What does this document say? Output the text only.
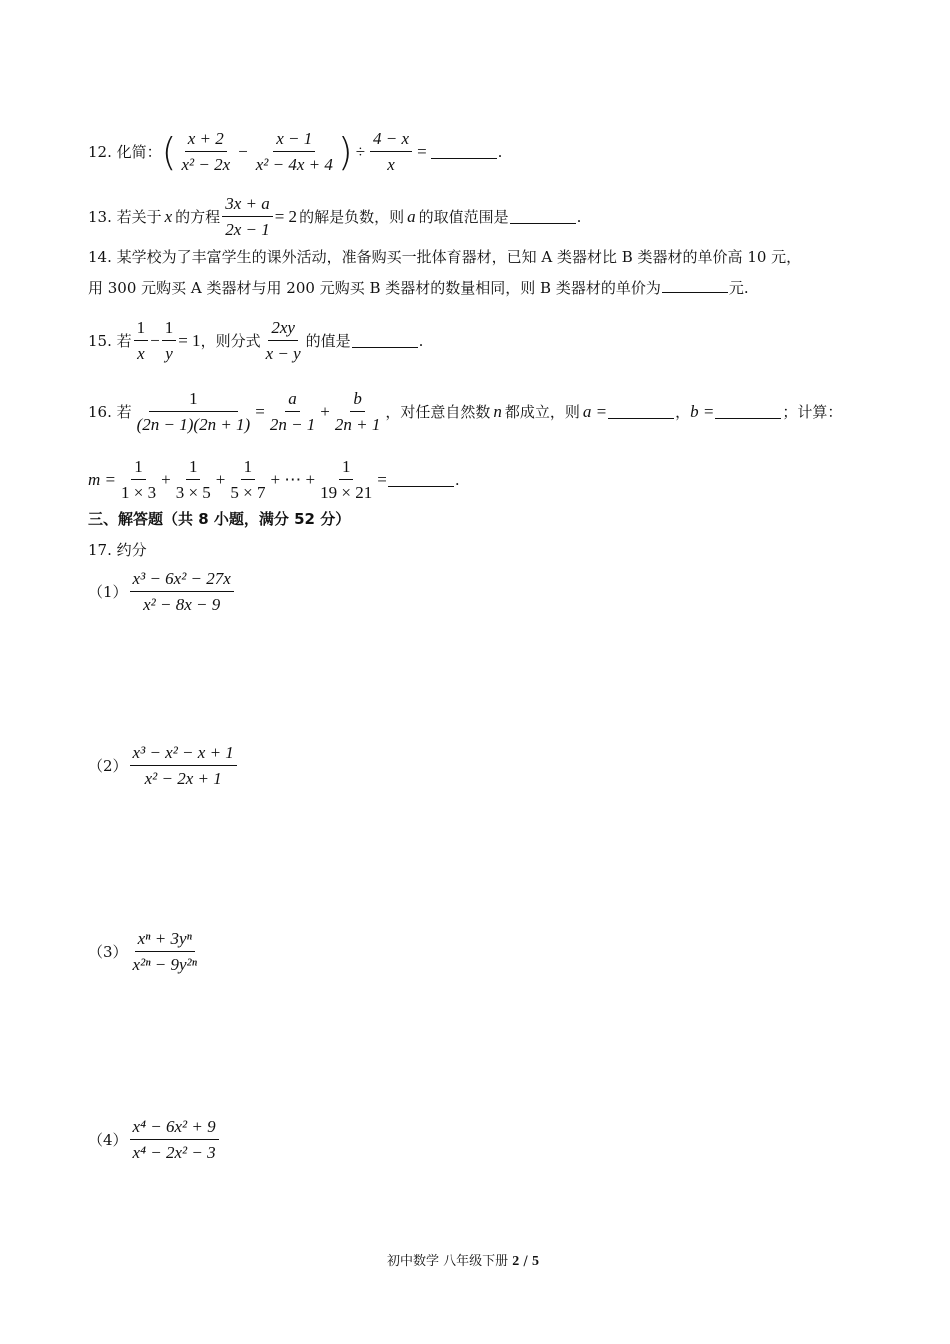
12. 化简： ( $\frac{x + 2}{\text{x² − 2x}} - \frac{x - 1}{\text{x² − 4x + 4}}$ ) ÷ $\frac{4 - x}{x}$ =	.
13. 若关于 x 的方程 $\frac{3x + a}{2x - 1} = 2$ 的解是负数，则 a 的取值范围是	.
14. 某学校为了丰富学生的课外活动，准备购买一批体育器材，已知 A 类器材比 B 类器材的单价高 10 元，
用 300 元购买 A 类器材与用 200 元购买 B 类器材的数量相同，则 B 类器材的单价为	元.
15. 若 $\frac{1}{x} - \frac{1}{y} = 1$ ，则分式 $\frac{2xy}{x - y}$ 的值是	.
16. 若 $\frac{1}{(2n - 1)(2n + 1)} = \frac{a}{2n - 1} + \frac{b}{2n + 1}$ ，对任意自然数 n 都成立，则 a =	， b =	；计算：
$m = \frac{1}{1 \times 3} + \frac{1}{3 \times 5} + \frac{1}{5 \times 7}$ + ⋯ + $\frac{1}{19 \times 21}$ =	.
三、解答题（共 8 小题，满分 52 分）
17. 约分
$(1) \frac{\text{x³ − 6x² − 27x}}{\text{x² − 8x − 9}}$
$(2) \frac{\text{x³ − x² − x + 1}}{\text{x² − 2x + 1}}$
$(3) \frac{\text{xⁿ + 3yⁿ}}{\text{x²ⁿ − 9y²ⁿ}}$
$(4) \frac{\text{x⁴ − 6x² + 9}}{\text{x⁴ − 2x² − 3}}$
初中数学 八年级下册 2 / 5
